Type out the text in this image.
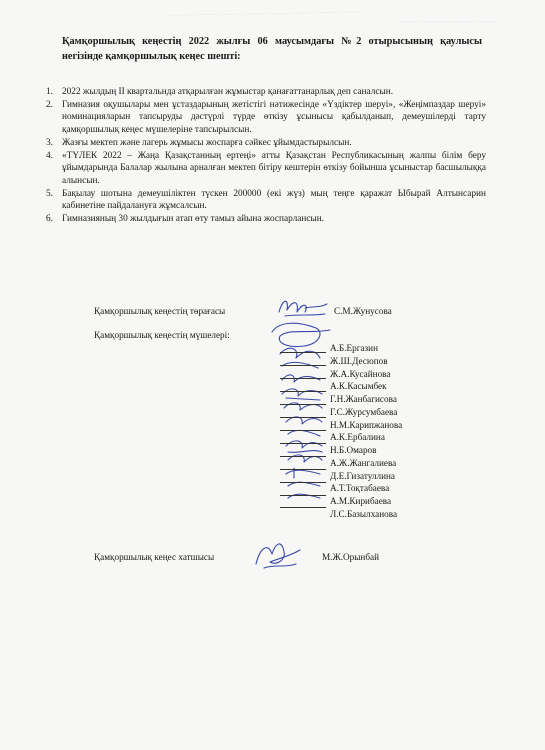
⸻ ⸻ ⸻ ⸻ ⸻ ⸻ ⸻ ⸻
⸻ ⸻ ⸻ ⸻
Қамқоршылық кеңестің 2022 жылғы 06 маусымдағы №2 отырысының қаулысы негізінде қамқоршылық кеңес шешті:
1. 2022 жылдың II квартальнда атқарылған жұмыстар қанағаттанарлық деп саналсын.
2. Гимназия оқушылары мен ұстаздарының жетістігі нәтижесінде «Үздіктер шеруі», «Жеңімпаздар шеруі» номинацияларын тапсыруды дәстүрлі түрде өткізу ұсынысы қабылданып, демеушілерді тарту қамқоршылық кеңес мүшелеріне тапсырылсын.
3. Жазғы мектеп және лагерь жұмысы жоспарға сәйкес ұйымдастырылсын.
4. «ТҮЛЕК 2022 – Жаңа Қазақстанның ертеңі» атты Қазақстан Республикасының жалпы білім беру ұйымдарында Балалар жылына арналған мектеп бітіру кештерін өткізу бойынша ұсыныстар басшылыққа алынсын.
5. Бақылау шотына демеушіліктен түскен 200000 (екі жүз) мың теңге қаражат Ыбырай Алтынсарин кабинетіне пайдалануға жұмсалсын.
6. Гимназияның 30 жылдығын атап өту тамыз айына жоспарлансын.
Қамқоршылық кеңестің төрағасы	С.М.Жунусова
Қамқоршылық кеңестің мүшелері:
А.Б.Ергазин
Ж.Ш.Десюпов
Ж.А.Кусайнова
А.К.Касымбек
Г.Н.Жанбагисова
Г.С.Журсумбаева
Н.М.Карипжанова
А.К.Ербалина
Н.Б.Омаров
А.Ж.Жангалиева
Д.Е.Гизатуллина
А.Т.Тоқтабаева
А.М.Кирибаева
Л.С.Базылханова
Қамқоршылық кеңес хатшысы	М.Ж.Орынбай
